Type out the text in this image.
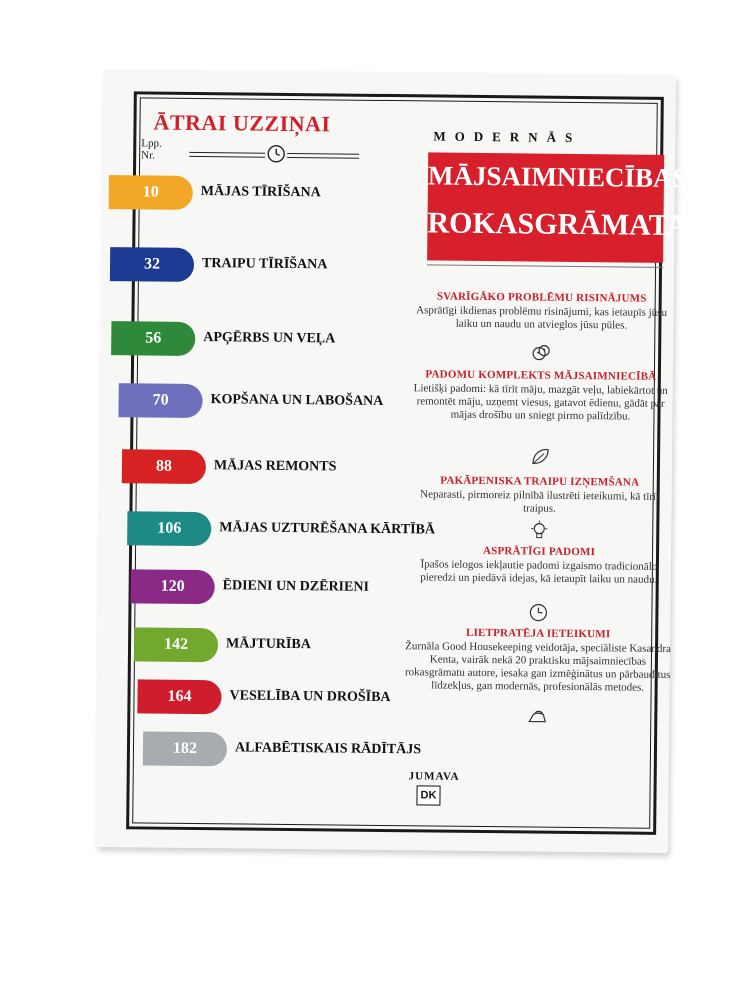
ĀTRAI UZZIŅAI
Lpp. Nr.
10	MĀJAS TĪRĪŠANA
32	TRAIPU TĪRĪŠANA
56	APĢĒRBS UN VEĻA
70	KOPŠANA UN LABOŠANA
88	MĀJAS REMONTS
106	MĀJAS UZTURĒŠANA KĀRTĪBĀ
120	ĒDIENI UN DZĒRIENI
142	MĀJTURĪBA
164	VESELĪBA UN DROŠĪBA
182	ALFABĒTISKAIS RĀDĪTĀJS
MODERNĀS
MĀJSAIMNIECĪBAS
ROKASGRĀMATA
SVARĪGĀKO PROBLĒMU RISINĀJUMS

Asprātīgi ikdienas problēmu risinājumi, kas ietaupīs jūsu laiku un naudu un atvieglos jūsu pūles.

PADOMU KOMPLEKTS MĀJSAIMNIECĪBĀ

Lietišķi padomi: kā tīrīt māju, mazgāt veļu, labiekārtot un remontēt māju, uzņemt viesus, gatavot ēdienu, gādāt par mājas drošību un sniegt pirmo palīdzību.

PAKĀPENISKA TRAIPU IZŅEMŠANA

Neparasti, pirmoreiz pilnībā ilustrēti ieteikumi, kā tīrīt traipus.

ASPRĀTĪGI PADOMI

Īpašos ielogos iekļautie padomi izgaismo tradicionālo pieredzi un piedāvā idejas, kā ietaupīt laiku un naudu.

LIETPRATĒJA IETEIKUMI

Žurnāla Good Housekeeping veidotāja, speciāliste Kasandra Kenta, vairāk nekā 20 praktisku mājsaimniecības rokasgrāmatu autore, iesaka gan izmēģinātus un pārbaudītus līdzekļus, gan modernās, profesionālās metodes.

JUMAVA
DK
